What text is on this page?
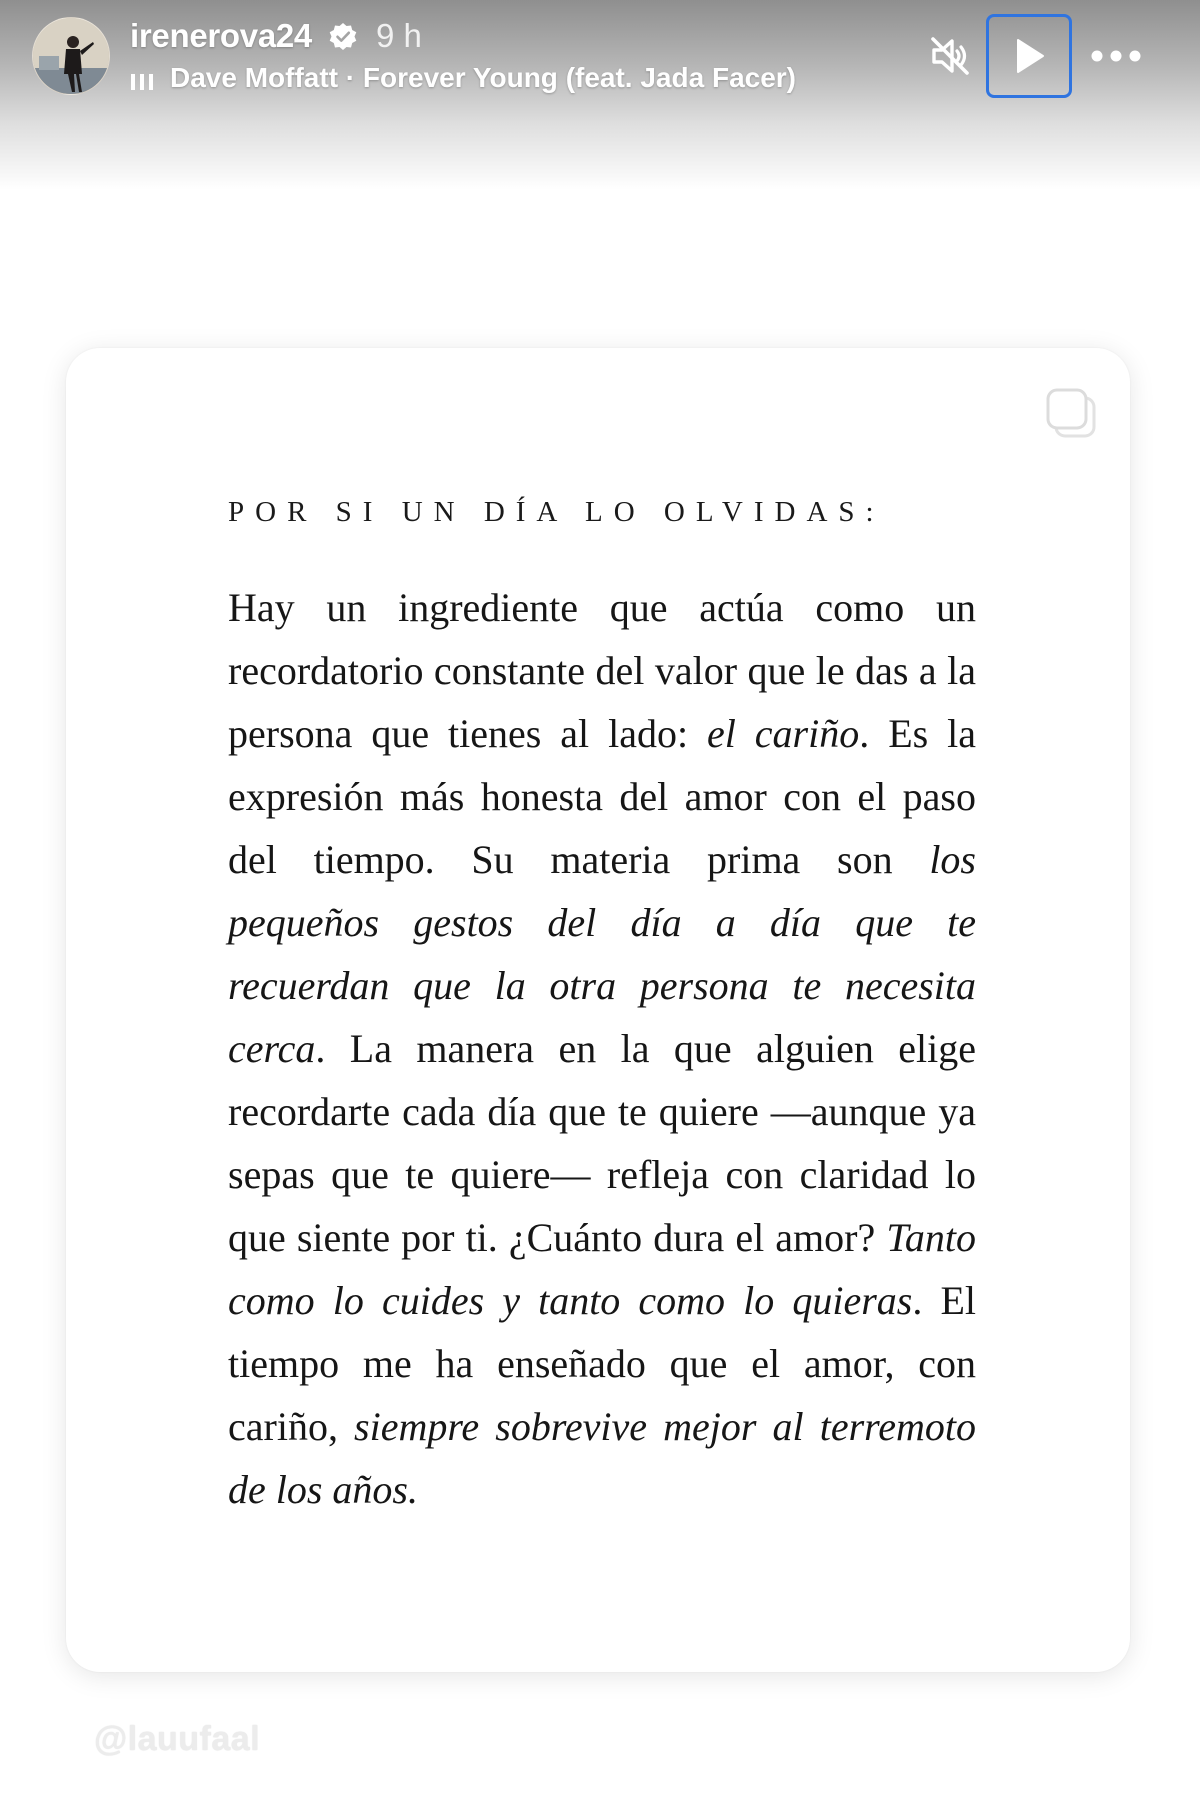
irenerova24 9 h
Dave Moffatt · Forever Young (feat. Jada Facer)
POR SI UN DÍA LO OLVIDAS:

Hay un ingrediente que actúa como un recordatorio constante del valor que le das a la persona que tienes al lado: el cariño. Es la expresión más honesta del amor con el paso del tiempo. Su materia prima son los pequeños gestos del día a día que te recuerdan que la otra persona te necesita cerca. La manera en la que alguien elige recordarte cada día que te quiere —aunque ya sepas que te quiere— refleja con claridad lo que siente por ti. ¿Cuánto dura el amor? Tanto como lo cuides y tanto como lo quieras. El tiempo me ha enseñado que el amor, con cariño, siempre sobrevive mejor al terremoto de los años.

@lauufaal
